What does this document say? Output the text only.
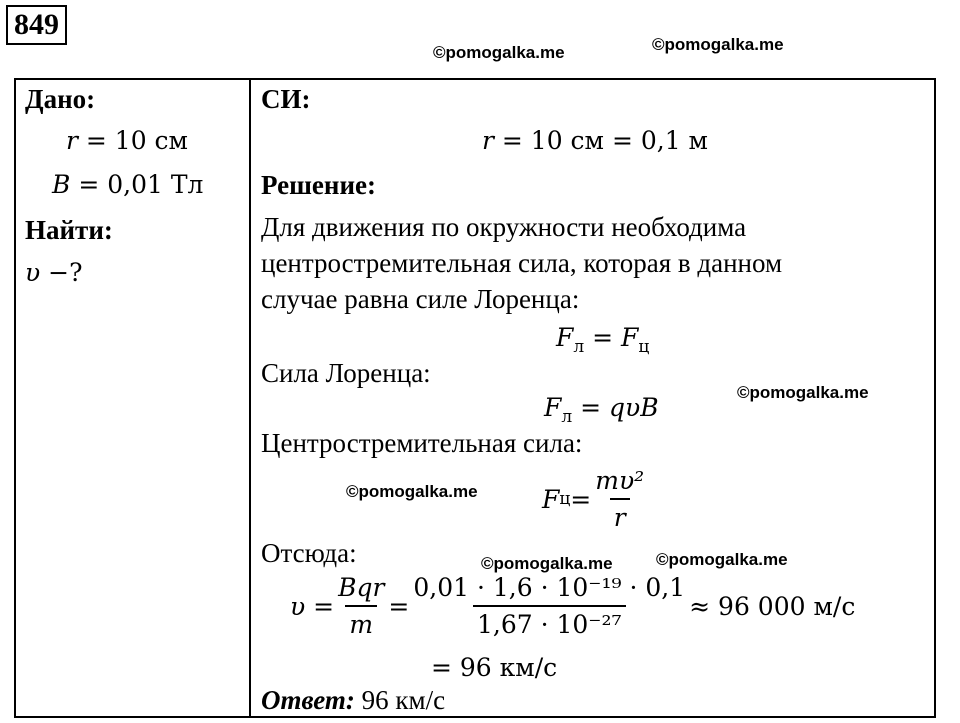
849
©pomogalka.me	©pomogalka.me
©pomogalka.me
©pomogalka.me
©pomogalka.me	©pomogalka.me
Дано:
r = 10 см
B = 0,01 Тл
Найти:
υ −?
СИ:
r = 10 см = 0,1 м
Решение:
Для движения по окружности необходима
центростремительная сила, которая в данном
случае равна силе Лоренца:
$F_л = F_ц$
Сила Лоренца:
$F_л = q\upsilon B$
Центростремительная сила:
F $ц = \frac{\text{mυ²}}{r}$
Отсюда:
$\upsilon = \frac{\text{Bqr}}{m} = \frac{\text{0,01 · 1,6 · 10⁻¹⁹ · 0,1}}{\text{1,67 · 10⁻²⁷}} \approx 96$ 000 м/с
= 96 км/с
Ответ: 96 км/с
